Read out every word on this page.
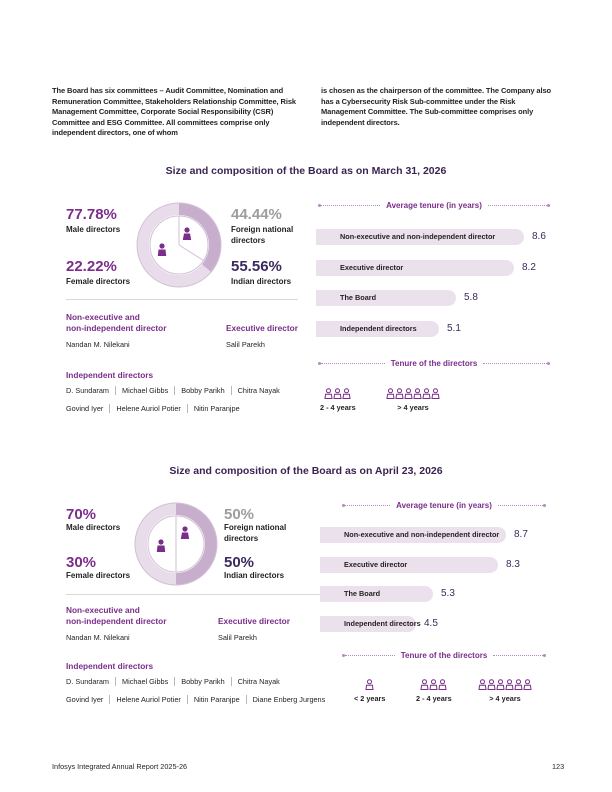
The Board has six committees – Audit Committee, Nomination and Remuneration Committee, Stakeholders Relationship Committee, Risk Management Committee, Corporate Social Responsibility (CSR) Committee and ESG Committee. All committees comprise only independent directors, one of whom
is chosen as the chairperson of the committee. The Company also has a Cybersecurity Risk Sub-committee under the Risk Management Committee. The Sub-committee comprises only independent directors.
Size and composition of the Board as on March 31, 2026
77.78%
Male directors
22.22%
Female directors
44.44%
Foreign national
directors
55.56%
Indian directors
Non-executive and
non-independent director
Nandan M. Nilekani
Executive director
Salil Parekh
Independent directors
D. Sundaram Michael Gibbs Bobby Parikh Chitra Nayak
Govind Iyer Helene Auriol Potier Nitin Paranjpe
Average tenure (in years)
Non-executive and non-independent director	8.6
Executive director	8.2
The Board	5.8
Independent directors	5.1
Tenure of the directors
2 - 4 years	> 4 years
Size and composition of the Board as on April 23, 2026
70%
Male directors
30%
Female directors
50%
Foreign national
directors
50%
Indian directors
Non-executive and
non-independent director
Nandan M. Nilekani
Executive director
Salil Parekh
Independent directors
D. Sundaram Michael Gibbs Bobby Parikh Chitra Nayak
Govind Iyer Helene Auriol Potier Nitin Paranjpe Diane Enberg Jurgens
Average tenure (in years)
Non-executive and non-independent director	8.7
Executive director	8.3
The Board	5.3
Independent directors 4.5
Tenure of the directors
< 2 years	2 - 4 years	> 4 years
Infosys Integrated Annual Report 2025-26	123
